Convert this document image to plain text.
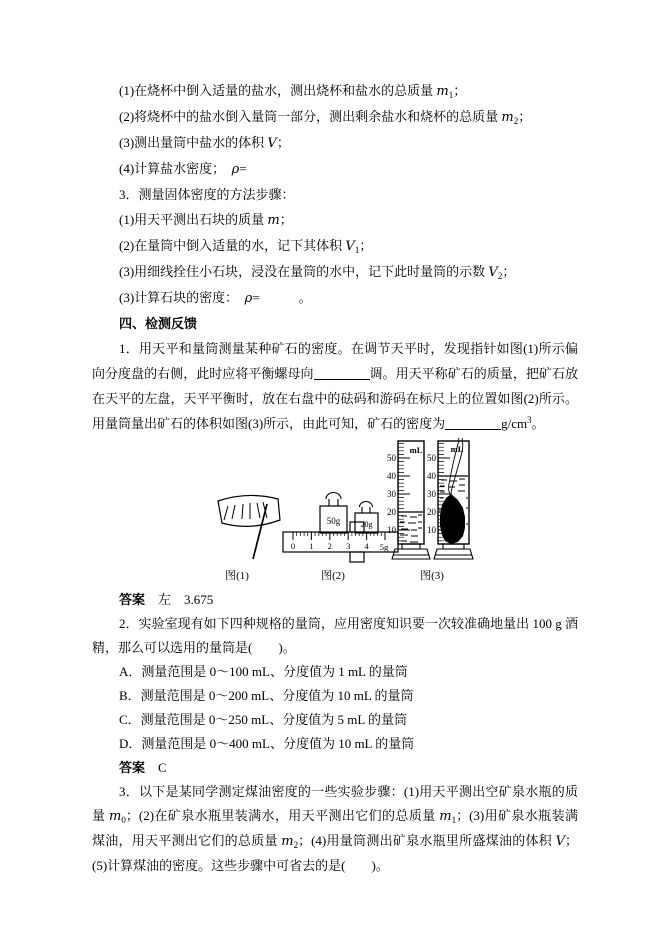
(1)在烧杯中倒入适量的盐水，测出烧杯和盐水的总质量 $m_1$；

(2)将烧杯中的盐水倒入量筒一部分，测出剩余盐水和烧杯的总质量 $m_2$；

(3)测出量筒中盐水的体积 V；

(4)计算盐水密度；　ρ=

3．测量固体密度的方法步骤：

(1)用天平测出石块的质量 m；

(2)在量筒中倒入适量的水，记下其体积 $V_1$；

(3)用细线拴住小石块，浸没在量筒的水中，记下此时量筒的示数 $V_2$；

(3)计算石块的密度：　ρ=　　　。

四、检测反馈

1．用天平和量筒测量某种矿石的密度。在调节天平时，发现指针如图(1)所示偏向分度盘的右侧，此时应将平衡螺母向	调。用天平称矿石的质量，把矿石放在天平的左盘，天平平衡时，放在右盘中的砝码和游码在标尺上的位置如图(2)所示。用量筒量出矿石的体积如图(3)所示，由此可知，矿石的密度为	$g/cm^3$。

图(1)
50g	20g
0 1 2 3 4 5g
图(2)
mL
50
40
30
20
10
mL
50
40
30
20
10
图(3)

答案　左　3.675

2．实验室现有如下四种规格的量筒，应用密度知识要一次较准确地量出 100 g 酒精，那么可以选用的量筒是(　　)。

A．测量范围是 0～100 mL、分度值为 1 mL 的量筒

B．测量范围是 0～200 mL、分度值为 10 mL 的量筒

C．测量范围是 0～250 mL、分度值为 5 mL 的量筒

D．测量范围是 0～400 mL、分度值为 10 mL 的量筒

答案　C

3．以下是某同学测定煤油密度的一些实验步骤：(1)用天平测出空矿泉水瓶的质量 $m_0$；(2)在矿泉水瓶里装满水，用天平测出它们的总质量 $m_1$；(3)用矿泉水瓶装满煤油，用天平测出它们的总质量 $m_2$；(4)用量筒测出矿泉水瓶里所盛煤油的体积 V；(5)计算煤油的密度。这些步骤中可省去的是(　　)。
